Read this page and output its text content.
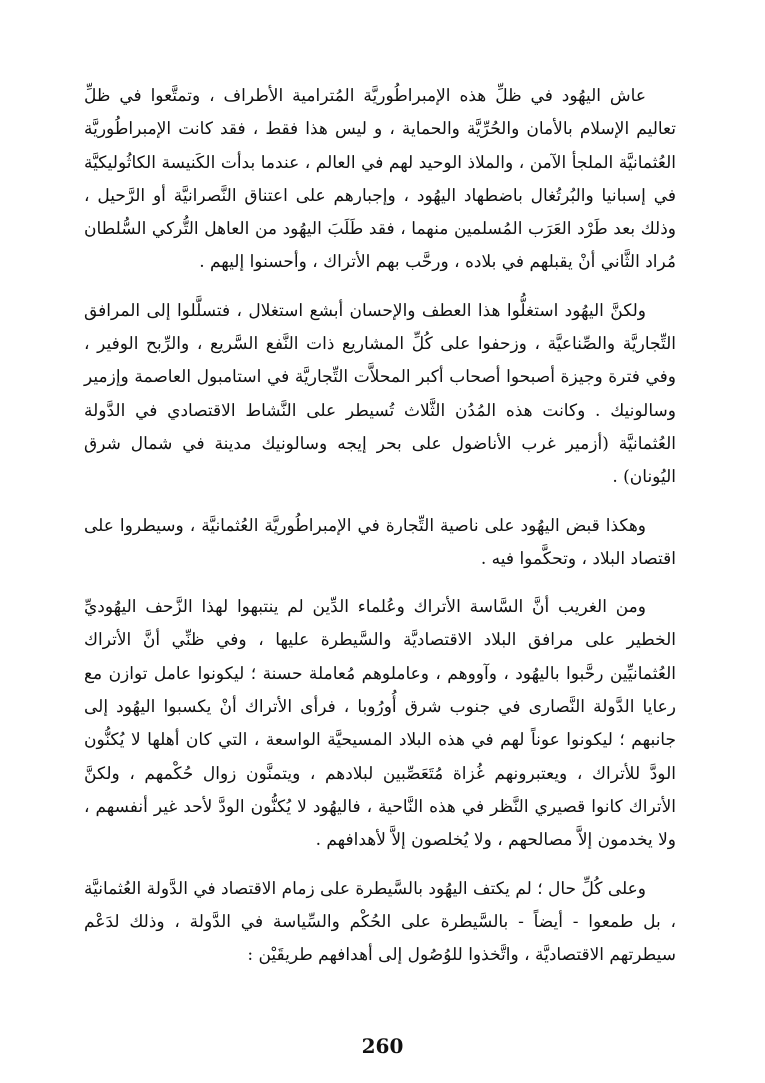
عاش اليهُود في ظلِّ هذه الإمبراطُوريَّة المُترامية الأطراف ، وتمتَّعوا في ظلِّ تعاليم الإسلام بالأمان والحُرِّيَّة والحماية ، و ليس هذا فقط ، فقد كانت الإمبراطُوريَّة العُثمانيَّة الملجأ الآمن ، والملاذ الوحيد لهم في العالم ، عندما بدأت الكَنيسة الكاثُوليكيَّة في إسبانيا والبُرتُغال باضطهاد اليهُود ، وإجبارهم على اعتناق النَّصرانيَّة أو الرَّحيل ، وذلك بعد طَرْد العَرَب المُسلمين منهما ، فقد طَلَبَ اليهُود من العاهل التُّركي السُّلطان مُراد الثَّاني أنْ يقبلهم في بلاده ، ورحَّب بهم الأتراك ، وأحسنوا إليهم .

ولكنَّ اليهُود استغلُّوا هذا العطف والإحسان أبشع استغلال ، فتسلَّلوا إلى المرافق التِّجاريَّة والصِّناعيَّة ، وزحفوا على كُلِّ المشاريع ذات النَّفع السَّريع ، والرِّبح الوفير ، وفي فترة وجيزة أصبحوا أصحاب أكبر المحلاَّت التِّجاريَّة في استامبول العاصمة وإزمير وسالونيك . وكانت هذه المُدُن الثَّلاث تُسيطر على النَّشاط الاقتصادي في الدَّولة العُثمانيَّة (أزمير غرب الأناضول على بحر إيجه وسالونيك مدينة في شمال شرق اليُونان) .

وهكذا قبض اليهُود على ناصية التِّجارة في الإمبراطُوريَّة العُثمانيَّة ، وسيطروا على اقتصاد البلاد ، وتحكَّموا فيه .

ومن الغريب أنَّ السَّاسة الأتراك وعُلماء الدِّين لم ينتبهوا لهذا الزَّحف اليهُوديِّ الخطير على مرافق البلاد الاقتصاديَّة والسَّيطرة عليها ، وفي ظنِّي أنَّ الأتراك العُثمانيِّين رحَّبوا باليهُود ، وآووهم ، وعاملوهم مُعاملة حسنة ؛ ليكونوا عامل توازن مع رعايا الدَّولة النَّصارى في جنوب شرق أُورُوبا ، فرأى الأتراك أنْ يكسبوا اليهُود إلى جانبهم ؛ ليكونوا عوناً لهم في هذه البلاد المسيحيَّة الواسعة ، التي كان أهلها لا يُكنُّون الودَّ للأتراك ، ويعتبرونهم غُزاة مُتَعَصِّبين لبلادهم ، ويتمنَّون زوال حُكْمهم ، ولكنَّ الأتراك كانوا قصيري النَّظر في هذه النَّاحية ، فاليهُود لا يُكنُّون الودَّ لأحد غير أنفسهم ، ولا يخدمون إلاَّ مصالحهم ، ولا يُخلصون إلاَّ لأهدافهم .

وعلى كُلِّ حال ؛ لم يكتف اليهُود بالسَّيطرة على زمام الاقتصاد في الدَّولة العُثمانيَّة ، بل طمعوا - أيضاً - بالسَّيطرة على الحُكْم والسِّياسة في الدَّولة ، وذلك لدَعْم سيطرتهم الاقتصاديَّة ، واتَّخذوا للوُصُول إلى أهدافهم طريقَيْن :

260
